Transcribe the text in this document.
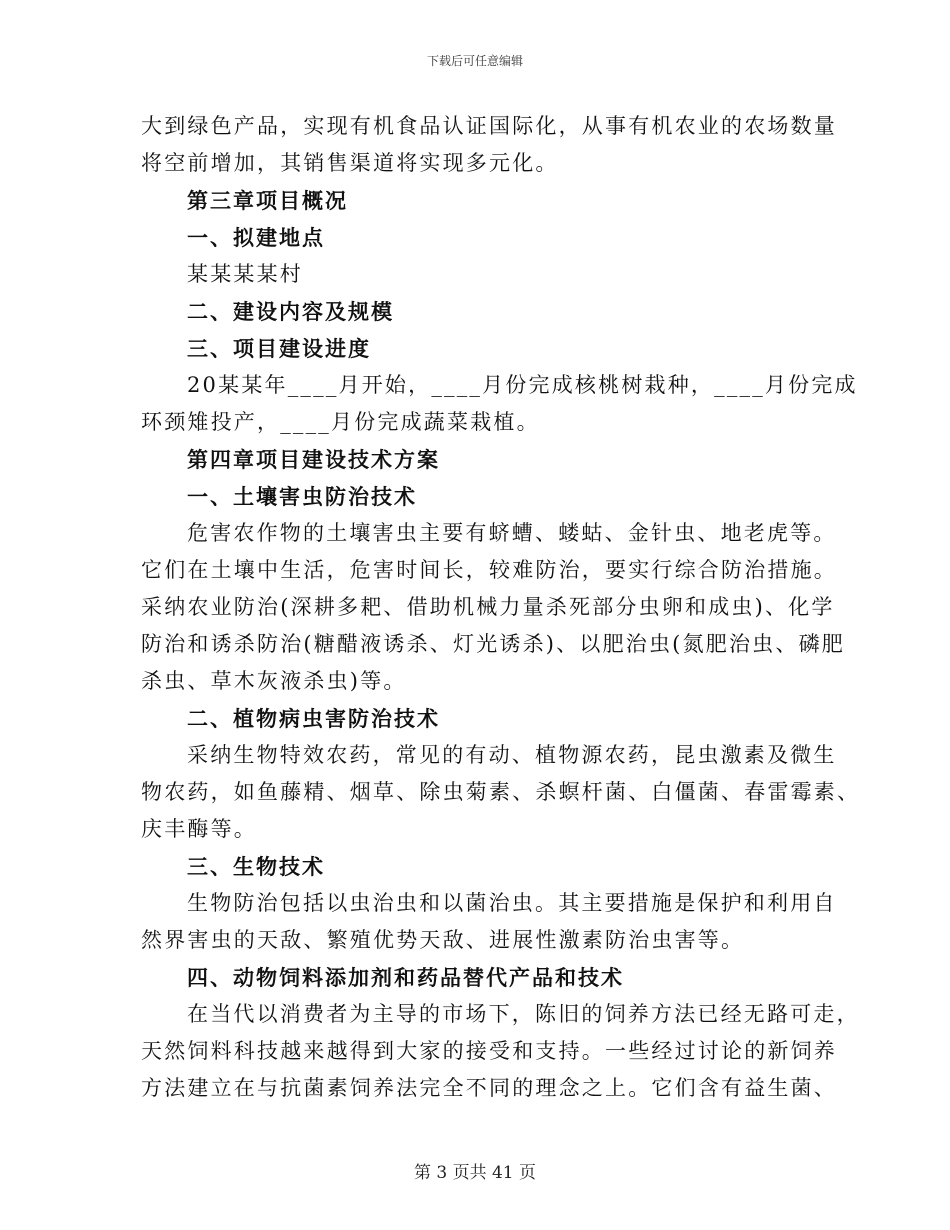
下载后可任意编辑
大到绿色产品，实现有机食品认证国际化，从事有机农业的农场数量
将空前增加，其销售渠道将实现多元化。
第三章项目概况
一、拟建地点
某某某某村
二、建设内容及规模
三、项目建设进度
20某某年____月开始，____月份完成核桃树栽种，____月份完成
环颈雉投产，____月份完成蔬菜栽植。
第四章项目建设技术方案
一、土壤害虫防治技术
危害农作物的土壤害虫主要有蛴螬、蝼蛄、金针虫、地老虎等。
它们在土壤中生活，危害时间长，较难防治，要实行综合防治措施。
采纳农业防治(深耕多耙、借助机械力量杀死部分虫卵和成虫)、化学
防治和诱杀防治(糖醋液诱杀、灯光诱杀)、以肥治虫(氮肥治虫、磷肥
杀虫、草木灰液杀虫)等。
二、植物病虫害防治技术
采纳生物特效农药，常见的有动、植物源农药，昆虫激素及微生
物农药，如鱼藤精、烟草、除虫菊素、杀螟杆菌、白僵菌、春雷霉素、
庆丰酶等。
三、生物技术
生物防治包括以虫治虫和以菌治虫。其主要措施是保护和利用自
然界害虫的天敌、繁殖优势天敌、进展性激素防治虫害等。
四、动物饲料添加剂和药品替代产品和技术
在当代以消费者为主导的市场下，陈旧的饲养方法已经无路可走，
天然饲料科技越来越得到大家的接受和支持。一些经过讨论的新饲养
方法建立在与抗菌素饲养法完全不同的理念之上。它们含有益生菌、
第 3 页共 41 页
